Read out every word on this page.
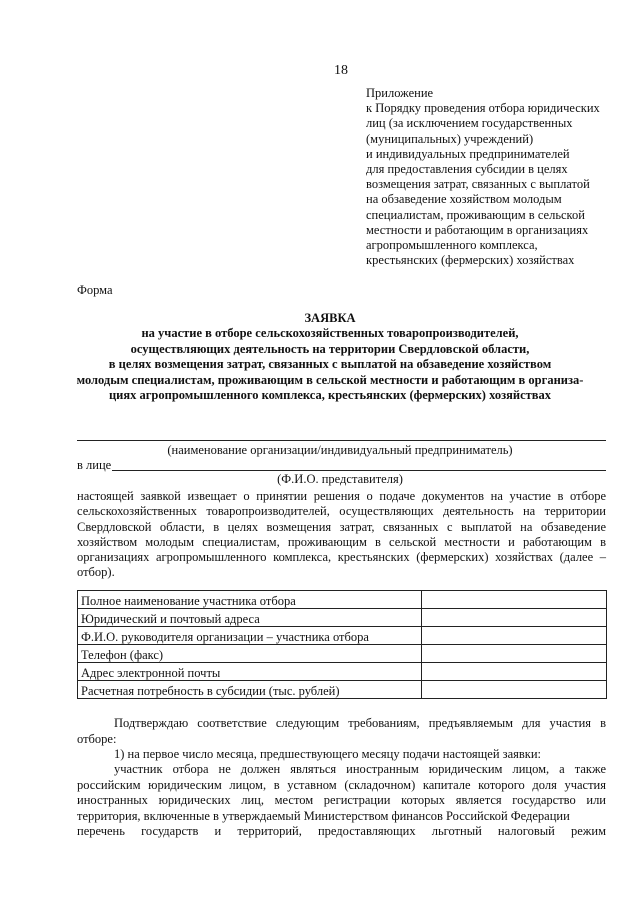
18
Приложение
к Порядку проведения отбора юридических
лиц (за исключением государственных
(муниципальных) учреждений)
и индивидуальных предпринимателей
для предоставления субсидии в целях
возмещения затрат, связанных с выплатой
на обзаведение хозяйством молодым
специалистам, проживающим в сельской
местности и работающим в организациях
агропромышленного комплекса,
крестьянских (фермерских) хозяйствах
Форма
ЗАЯВКА
на участие в отборе сельскохозяйственных товаропроизводителей,
осуществляющих деятельность на территории Свердловской области,
в целях возмещения затрат, связанных с выплатой на обзаведение хозяйством
молодым специалистам, проживающим в сельской местности и работающим в организа-
циях агропромышленного комплекса, крестьянских (фермерских) хозяйствах
(наименование организации/индивидуальный предприниматель)
в лице
(Ф.И.О. представителя)
настоящей заявкой извещает о принятии решения о подаче документов на участие в отборе сельскохозяйственных товаропроизводителей, осуществляющих деятельность на территории Свердловской области, в целях возмещения затрат, связанных с выплатой на обзаведение хозяйством молодым специалистам, проживающим в сельской местности и работающим в организациях агропромышленного комплекса, крестьянских (фермерских) хозяйствах (далее – отбор).
Полное наименование участника отбора	
Юридический и почтовый адреса	
Ф.И.О. руководителя организации – участника отбора	
Телефон (факс)	
Адрес электронной почты	
Расчетная потребность в субсидии (тыс. рублей)	
Подтверждаю соответствие следующим требованиям, предъявляемым для участия в отборе:
1) на первое число месяца, предшествующего месяцу подачи настоящей заявки:
участник отбора не должен являться иностранным юридическим лицом, а также российским юридическим лицом, в уставном (складочном) капитале которого доля участия иностранных юридических лиц, местом регистрации которых является государство или территория, включенные в утверждаемый Министерством финансов Российской Федерации
перечень государств и территорий, предоставляющих льготный налоговый режим
